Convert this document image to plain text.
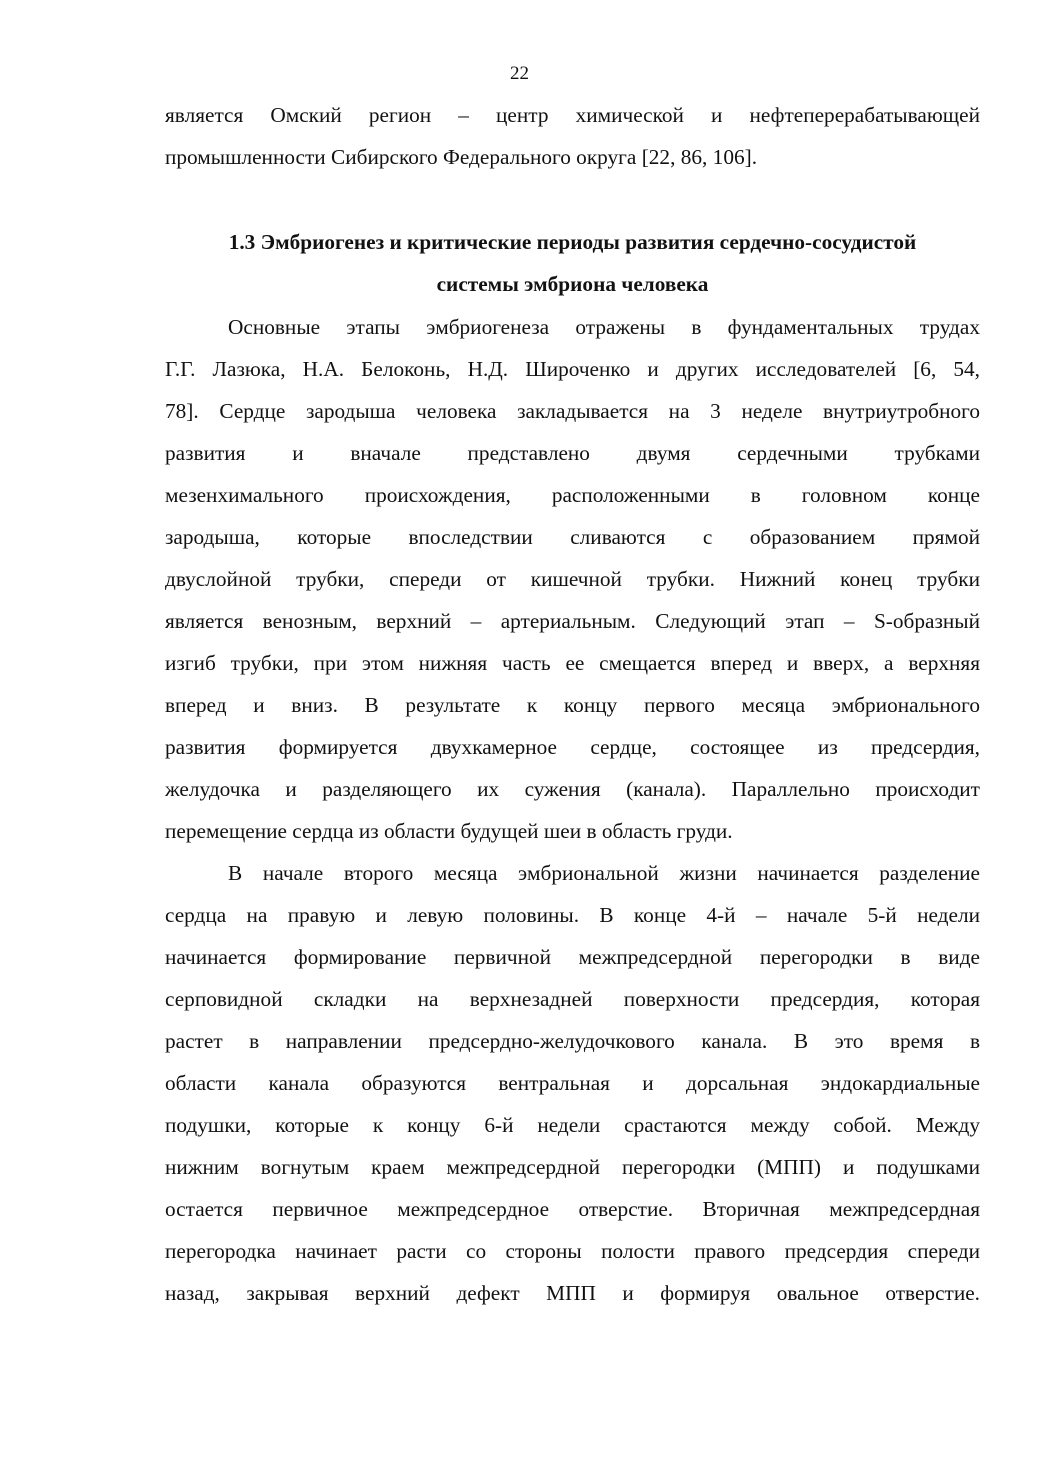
22
является Омский регион – центр химической и нефтеперерабатывающей
промышленности Сибирского Федерального округа [22, 86, 106].
1.3 Эмбриогенез и критические периоды развития сердечно-сосудистой
системы эмбриона человека
Основные этапы эмбриогенеза отражены в фундаментальных трудах
Г.Г. Лазюка, Н.А. Белоконь, Н.Д. Широченко и других исследователей [6, 54,
78]. Сердце зародыша человека закладывается на 3 неделе внутриутробного
развития и вначале представлено двумя сердечными трубками
мезенхимального происхождения, расположенными в головном конце
зародыша, которые впоследствии сливаются с образованием прямой
двуслойной трубки, спереди от кишечной трубки. Нижний конец трубки
является венозным, верхний – артериальным. Следующий этап – S-образный
изгиб трубки, при этом нижняя часть ее смещается вперед и вверх, а верхняя
вперед и вниз. В результате к концу первого месяца эмбрионального
развития формируется двухкамерное сердце, состоящее из предсердия,
желудочка и разделяющего их сужения (канала). Параллельно происходит
перемещение сердца из области будущей шеи в область груди.
В начале второго месяца эмбриональной жизни начинается разделение
сердца на правую и левую половины. В конце 4-й – начале 5-й недели
начинается формирование первичной межпредсердной перегородки в виде
серповидной складки на верхнезадней поверхности предсердия, которая
растет в направлении предсердно-желудочкового канала. В это время в
области канала образуются вентральная и дорсальная эндокардиальные
подушки, которые к концу 6-й недели срастаются между собой. Между
нижним вогнутым краем межпредсердной перегородки (МПП) и подушками
остается первичное межпредсердное отверстие. Вторичная межпредсердная
перегородка начинает расти со стороны полости правого предсердия спереди
назад, закрывая верхний дефект МПП и формируя овальное отверстие.
